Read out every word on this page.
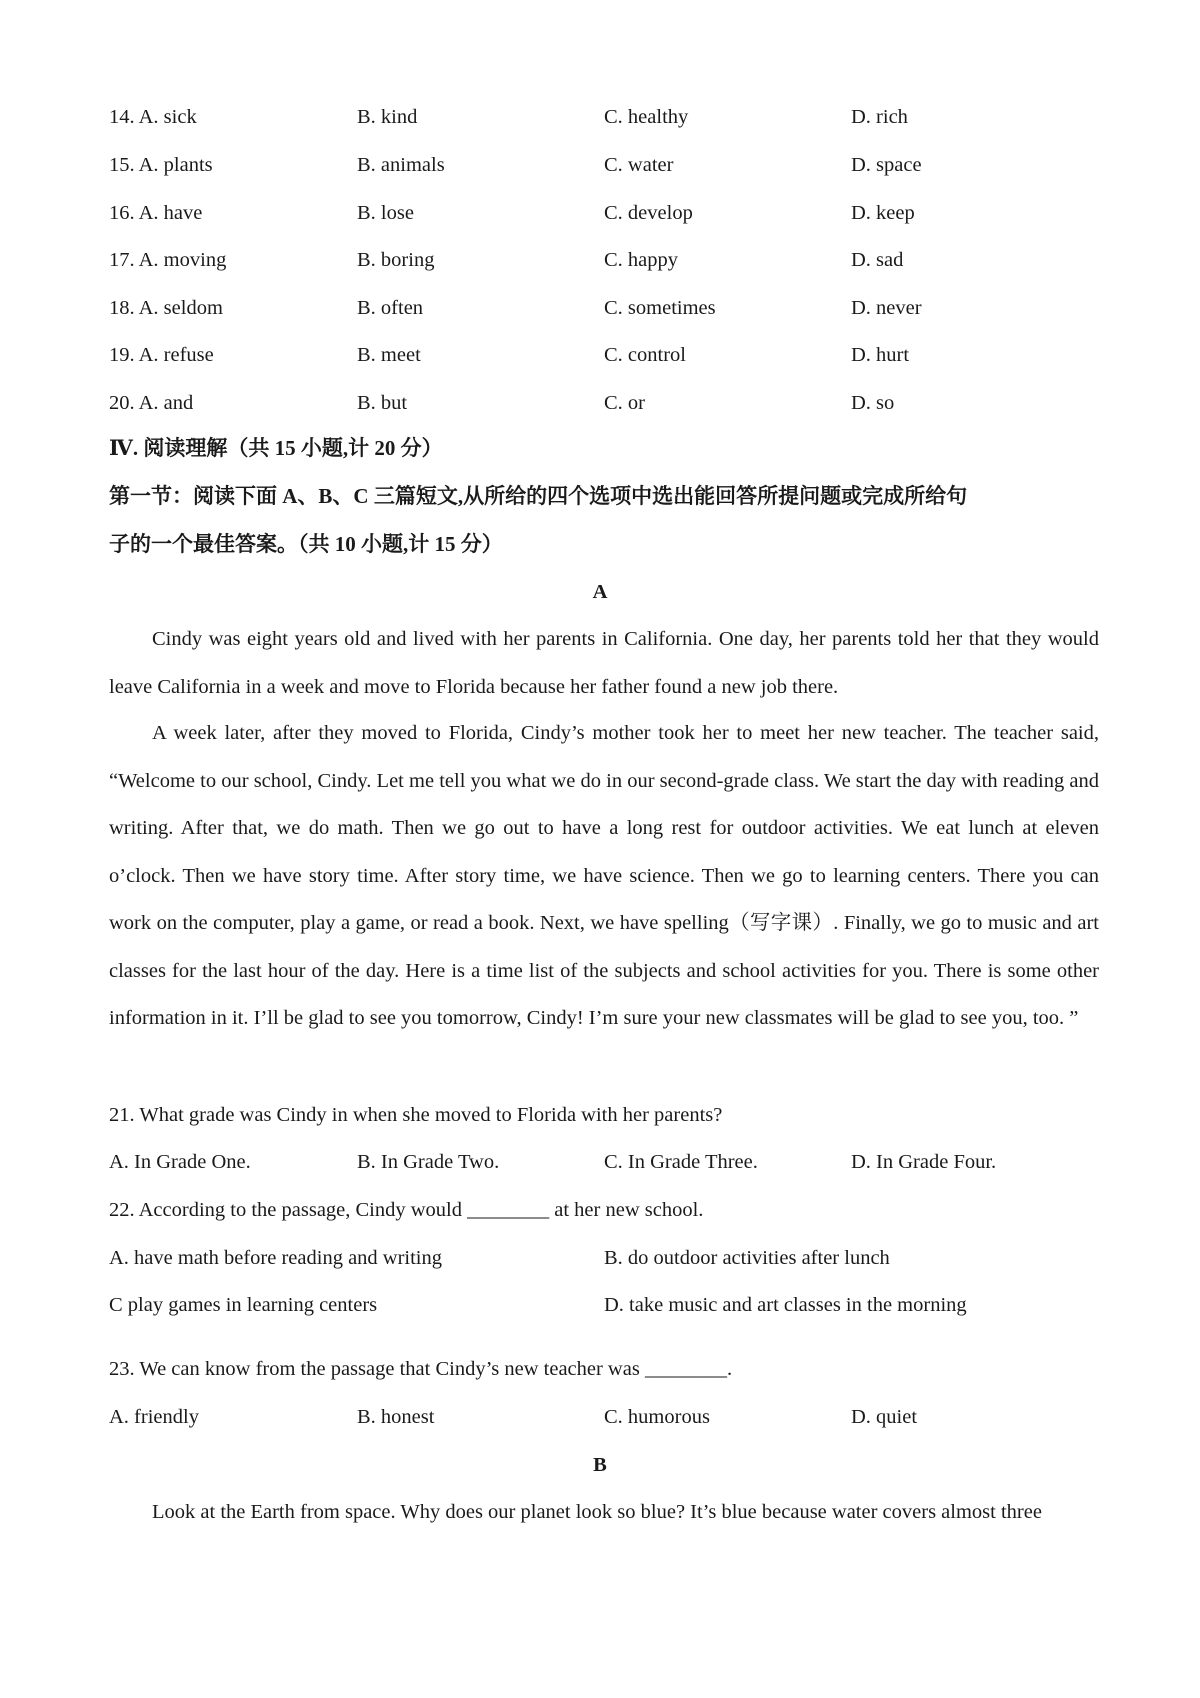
14. A. sick	B. kind	C. healthy	D. rich
15. A. plants	B. animals	C. water	D. space
16. A. have	B. lose	C. develop	D. keep
17. A. moving	B. boring	C. happy	D. sad
18. A. seldom	B. often	C. sometimes	D. never
19. A. refuse	B. meet	C. control	D. hurt
20. A. and	B. but	C. or	D. so
Ⅳ. 阅读理解（共 15 小题,计 20 分）
第一节：阅读下面 A、B、C 三篇短文,从所给的四个选项中选出能回答所提问题或完成所给句
子的一个最佳答案。（共 10 小题,计 15 分）
A

Cindy was eight years old and lived with her parents in California. One day, her parents told her that they would leave California in a week and move to Florida because her father found a new job there.

A week later, after they moved to Florida, Cindy’s mother took her to meet her new teacher. The teacher said, “Welcome to our school, Cindy. Let me tell you what we do in our second-grade class. We start the day with reading and writing. After that, we do math. Then we go out to have a long rest for outdoor activities. We eat lunch at eleven o’clock. Then we have story time. After story time, we have science. Then we go to learning centers. There you can work on the computer, play a game, or read a book. Next, we have spelling（写字课）. Finally, we go to music and art classes for the last hour of the day. Here is a time list of the subjects and school activities for you. There is some other information in it. I’ll be glad to see you tomorrow, Cindy! I’m sure your new classmates will be glad to see you, too. ”

21. What grade was Cindy in when she moved to Florida with her parents?
A. In Grade One.	B. In Grade Two.	C. In Grade Three.	D. In Grade Four.
22. According to the passage, Cindy would ________ at her new school.
A. have math before reading and writing	B. do outdoor activities after lunch
C play games in learning centers	D. take music and art classes in the morning
23. We can know from the passage that Cindy’s new teacher was ________.
A. friendly	B. honest	C. humorous	D. quiet
B
Look at the Earth from space. Why does our planet look so blue? It’s blue because water covers almost three
